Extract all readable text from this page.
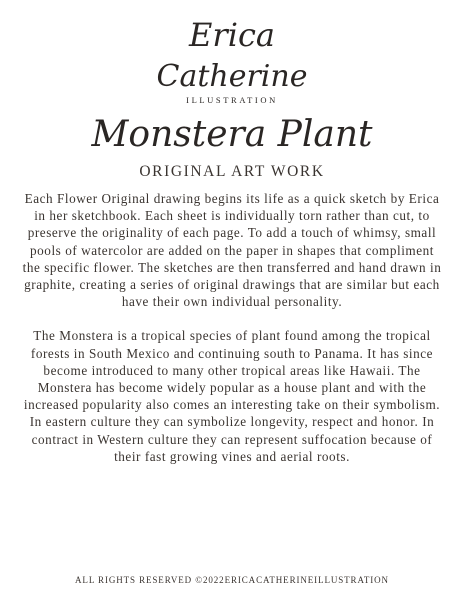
Erica
Catherine
ILLUSTRATION
Monstera Plant
ORIGINAL ART WORK

Each Flower Original drawing begins its life as a quick sketch by Erica in her sketchbook. Each sheet is individually torn rather than cut, to preserve the originality of each page. To add a touch of whimsy, small pools of watercolor are added on the paper in shapes that compliment the specific flower. The sketches are then transferred and hand drawn in graphite, creating a series of original drawings that are similar but each have their own individual personality.

The Monstera is a tropical species of plant found among the tropical forests in South Mexico and continuing south to Panama. It has since become introduced to many other tropical areas like Hawaii. The Monstera has become widely popular as a house plant and with the increased popularity also comes an interesting take on their symbolism. In eastern culture they can symbolize longevity, respect and honor. In contract in Western culture they can represent suffocation because of their fast growing vines and aerial roots.

ALL RIGHTS RESERVED ©2022ERICACATHERINEILLUSTRATION
